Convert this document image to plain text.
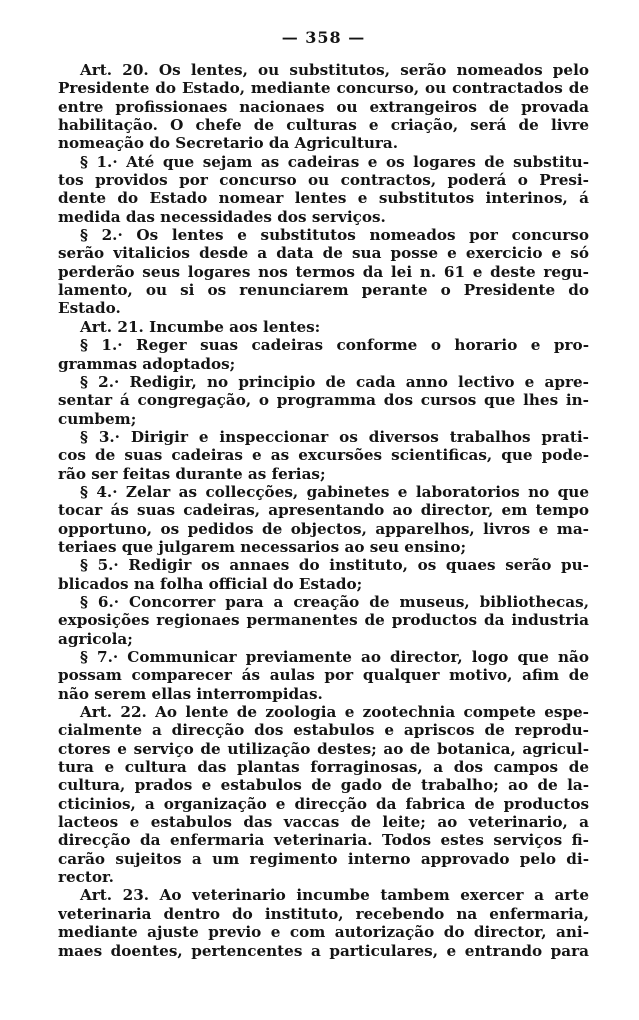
— 358 —
Art. 20. Os lentes, ou substitutos, serão nomeados pelo
Presidente do Estado, mediante concurso, ou contractados de
entre profissionaes nacionaes ou extrangeiros de provada
habilitação. O chefe de culturas e criação, será de livre
nomeação do Secretario da Agricultura.
§ 1.· Até que sejam as cadeiras e os logares de substitu-
tos providos por concurso ou contractos, poderá o Presi-
dente do Estado nomear lentes e substitutos interinos, á
medida das necessidades dos serviços.
§ 2.· Os lentes e substitutos nomeados por concurso
serão vitalicios desde a data de sua posse e exercicio e só
perderão seus logares nos termos da lei n. 61 e deste regu-
lamento, ou si os renunciarem perante o Presidente do
Estado.
Art. 21. Incumbe aos lentes:
§ 1.· Reger suas cadeiras conforme o horario e pro-
grammas adoptados;
§ 2.· Redigir, no principio de cada anno lectivo e apre-
sentar á congregação, o programma dos cursos que lhes in-
cumbem;
§ 3.· Dirigir e inspeccionar os diversos trabalhos prati-
cos de suas cadeiras e as excursões scientificas, que pode-
rão ser feitas durante as ferias;
§ 4.· Zelar as collecções, gabinetes e laboratorios no que
tocar ás suas cadeiras, apresentando ao director, em tempo
opportuno, os pedidos de objectos, apparelhos, livros e ma-
teriaes que julgarem necessarios ao seu ensino;
§ 5.· Redigir os annaes do instituto, os quaes serão pu-
blicados na folha official do Estado;
§ 6.· Concorrer para a creação de museus, bibliothecas,
exposições regionaes permanentes de productos da industria
agricola;
§ 7.· Communicar previamente ao director, logo que não
possam comparecer ás aulas por qualquer motivo, afim de
não serem ellas interrompidas.
Art. 22. Ao lente de zoologia e zootechnia compete espe-
cialmente a direcção dos estabulos e apriscos de reprodu-
ctores e serviço de utilização destes; ao de botanica, agricul-
tura e cultura das plantas forraginosas, a dos campos de
cultura, prados e estabulos de gado de trabalho; ao de la-
cticinios, a organização e direcção da fabrica de productos
lacteos e estabulos das vaccas de leite; ao veterinario, a
direcção da enfermaria veterinaria. Todos estes serviços fi-
carão sujeitos a um regimento interno approvado pelo di-
rector.
Art. 23. Ao veterinario incumbe tambem exercer a arte
veterinaria dentro do instituto, recebendo na enfermaria,
mediante ajuste previo e com autorização do director, ani-
maes doentes, pertencentes a particulares, e entrando para
